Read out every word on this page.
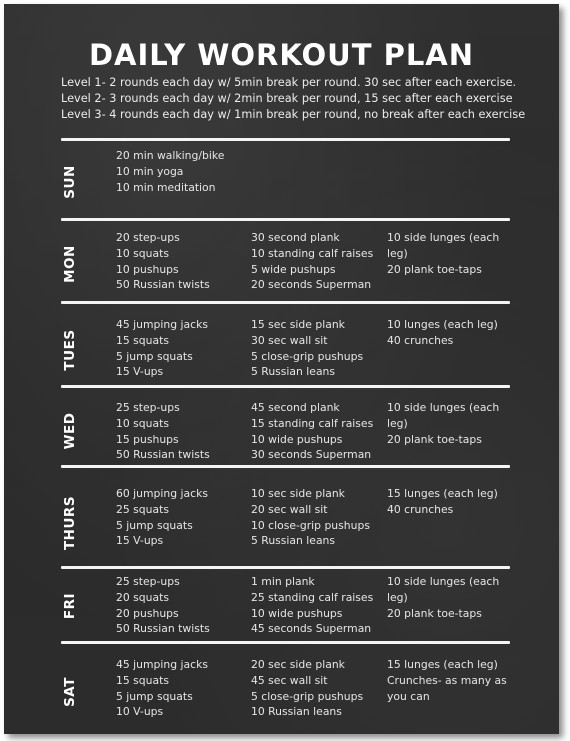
DAILY WORKOUT PLAN
Level 1- 2 rounds each day w/ 5min break per round. 30 sec after each exercise.
Level 2- 3 rounds each day w/ 2min break per round, 15 sec after each exercise
Level 3- 4 rounds each day w/ 1min break per round, no break after each exercise
SUN
20 min walking/bike
10 min yoga
10 min meditation
MON
20 step-ups
10 squats
10 pushups
50 Russian twists
30 second plank
10 standing calf raises
5 wide pushups
20 seconds Superman
10 side lunges (each
leg)
20 plank toe-taps
TUES
45 jumping jacks
15 squats
5 jump squats
15 V-ups
15 sec side plank
30 sec wall sit
5 close-grip pushups
5 Russian leans
10 lunges (each leg)
40 crunches
WED
25 step-ups
10 squats
15 pushups
50 Russian twists
45 second plank
15 standing calf raises
10 wide pushups
30 seconds Superman
10 side lunges (each
leg)
20 plank toe-taps
THURS
60 jumping jacks
25 squats
5 jump squats
15 V-ups
10 sec side plank
20 sec wall sit
10 close-grip pushups
5 Russian leans
15 lunges (each leg)
40 crunches
FRI
25 step-ups
20 squats
20 pushups
50 Russian twists
1 min plank
25 standing calf raises
10 wide pushups
45 seconds Superman
10 side lunges (each
leg)
20 plank toe-taps
SAT
45 jumping jacks
15 squats
5 jump squats
10 V-ups
20 sec side plank
45 sec wall sit
5 close-grip pushups
10 Russian leans
15 lunges (each leg)
Crunches- as many as
you can
